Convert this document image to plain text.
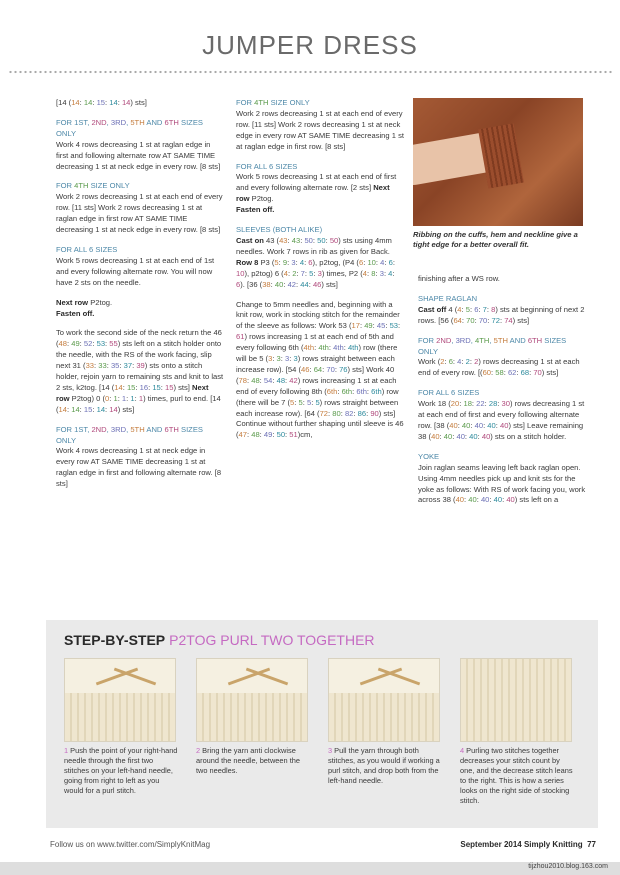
JUMPER DRESS

[14 (14: 14: 15: 14: 14) sts]

FOR 1ST, 2ND, 3RD, 5TH AND 6TH SIZES ONLY

Work 4 rows decreasing 1 st at raglan edge in first and following alternate row AT SAME TIME decreasing 1 st at neck edge in every row. [8 sts]

FOR 4TH SIZE ONLY

Work 2 rows decreasing 1 st at each end of every row. [11 sts] Work 2 rows decreasing 1 st at raglan edge in first row AT SAME TIME decreasing 1 st at neck edge in every row. [8 sts]

FOR ALL 6 SIZES

Work 5 rows decreasing 1 st at each end of 1st and every following alternate row. You will now have 2 sts on the needle.

Next row P2tog.

Fasten off.

To work the second side of the neck return the 46 (48: 49: 52: 53: 55) sts left on a stitch holder onto the needle, with the RS of the work facing, slip next 31 (33: 33: 35: 37: 39) sts onto a stitch holder, rejoin yarn to remaining sts and knit to last 2 sts, k2tog. [14 (14: 15: 16: 15: 15) sts] Next row P2tog) 0 (0: 1: 1: 1: 1) times, purl to end. [14 (14: 14: 15: 14: 14) sts]

FOR 1ST, 2ND, 3RD, 5TH AND 6TH SIZES ONLY

Work 4 rows decreasing 1 st at neck edge in every row AT SAME TIME decreasing 1 st at raglan edge in first and following alternate row. [8 sts]

FOR 4TH SIZE ONLY

Work 2 rows decreasing 1 st at each end of every row. [11 sts] Work 2 rows decreasing 1 st at neck edge in every row AT SAME TIME decreasing 1 st at raglan edge in first row. [8 sts]

FOR ALL 6 SIZES

Work 5 rows decreasing 1 st at each end of first and every following alternate row. [2 sts] Next row P2tog.

Fasten off.

SLEEVES (BOTH ALIKE)

Cast on 43 (43: 43: 50: 50: 50) sts using 4mm needles. Work 7 rows in rib as given for Back. Row 8 P3 (5: 9: 3: 4: 6), p2tog, (P4 (6: 10: 4: 6: 10), p2tog) 6 (4: 2: 7: 5: 3) times, P2 (4: 8: 3: 4: 6). [36 (38: 40: 42: 44: 46) sts]

Change to 5mm needles and, beginning with a knit row, work in stocking stitch for the remainder of the sleeve as follows: Work 53 (17: 49: 45: 53: 61) rows increasing 1 st at each end of 5th and every following 6th (4th: 4th: 4th: 4th) row (there will be 5 (3: 3: 3: 3) rows straight between each increase row). [54 (46: 64: 70: 76) sts] Work 40 (78: 48: 54: 48: 42) rows increasing 1 st at each end of every following 8th (6th: 6th: 6th: 6th) row (there will be 7 (5: 5: 5: 5) rows straight between each increase row). [64 (72: 80: 82: 86: 90) sts] Continue without further shaping until sleeve is 46 (47: 48: 49: 50: 51)cm,

Ribbing on the cuffs, hem and neckline give a tight edge for a better overall fit.

finishing after a WS row.

SHAPE RAGLAN

Cast off 4 (4: 5: 6: 7: 8) sts at beginning of next 2 rows. [56 (64: 70: 70: 72: 74) sts]

FOR 2ND, 3RD, 4TH, 5TH AND 6TH SIZES ONLY

Work (2: 6: 4: 2: 2) rows decreasing 1 st at each end of every row. [(60: 58: 62: 68: 70) sts]

FOR ALL 6 SIZES

Work 18 (20: 18: 22: 28: 30) rows decreasing 1 st at each end of first and every following alternate row. [38 (40: 40: 40: 40: 40) sts] Leave remaining 38 (40: 40: 40: 40: 40) sts on a stitch holder.

YOKE

Join raglan seams leaving left back raglan open. Using 4mm needles pick up and knit sts for the yoke as follows: With RS of work facing you, work across 38 (40: 40: 40: 40: 40) sts left on a

STEP-BY-STEP P2TOG PURL TWO TOGETHER
1 Push the point of your right-hand needle through the first two stitches on your left-hand needle, going from right to left as you would for a purl stitch.
2 Bring the yarn anti clockwise around the needle, between the two needles.
3 Pull the yarn through both stitches, as you would if working a purl stitch, and drop both from the left-hand needle.
4 Purling two stitches together decreases your stitch count by one, and the decrease stitch leans to the right. This is how a series looks on the right side of stocking stitch.
Follow us on www.twitter.com/SimplyKnitMag	September 2014 Simply Knitting 77
tijzhou2010.blog.163.com
